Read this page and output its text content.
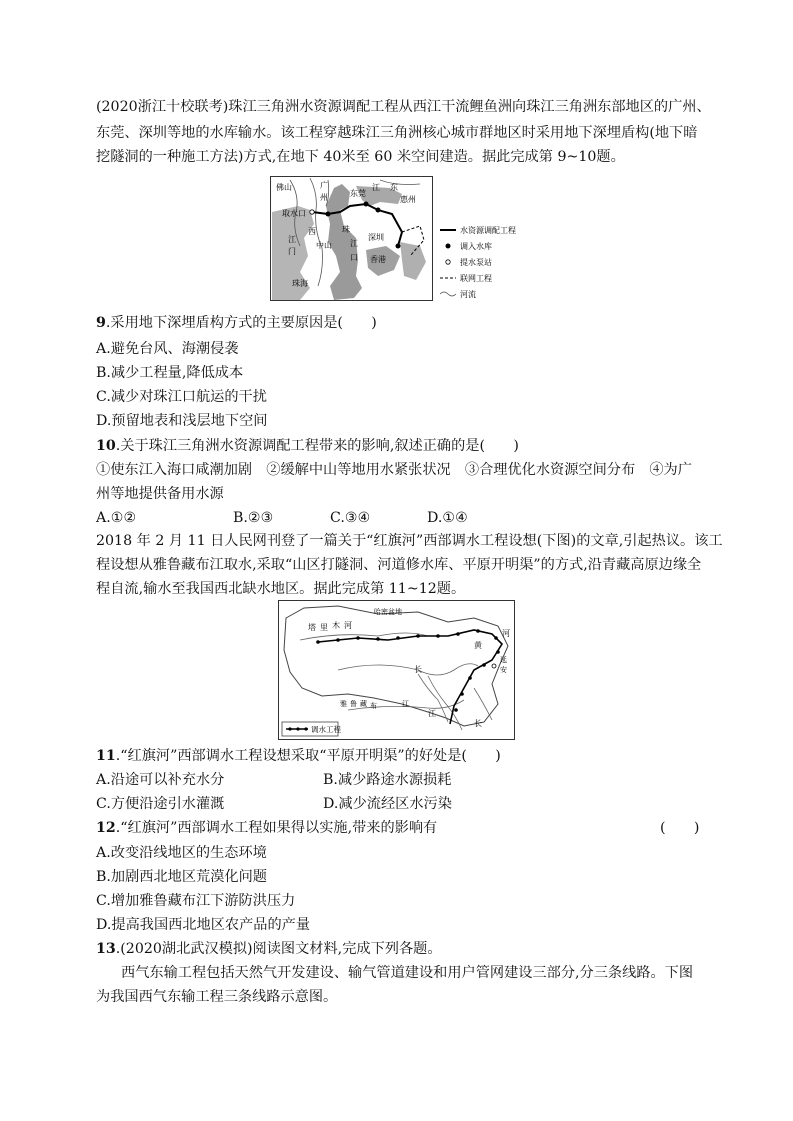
(2020浙江十校联考)珠江三角洲水资源调配工程从西江干流鲤鱼洲向珠江三角洲东部地区的广州、
东莞、深圳等地的水库输水。该工程穿越珠江三角洲核心城市群地区时采用地下深埋盾构(地下暗
挖隧洞的一种施工方法)方式,在地下 40米至 60 米空间建造。据此完成第 9~10题。
佛山	广
州	东莞
江 东
惠州
取水口
西
江
门
中山
珠
江
口
深圳
香港
珠海
水资源调配工程
调入水库
提水泵站
联网工程
河流
9.采用地下深埋盾构方式的主要原因是(　　)
A.避免台风、海潮侵袭
B.减少工程量,降低成本
C.减少对珠江口航运的干扰
D.预留地表和浅层地下空间
10.关于珠江三角洲水资源调配工程带来的影响,叙述正确的是(　　)
①使东江入海口咸潮加剧　②缓解中山等地用水紧张状况　③合理优化水资源空间分布　④为广
州等地提供备用水源
A.①②	B.②③	C.③④	D.①④
2018 年 2 月 11 日人民网刊登了一篇关于“红旗河”西部调水工程设想(下图)的文章,引起热议。该工
程设想从雅鲁藏布江取水,采取“山区打隧洞、河道修水库、平原开明渠”的方式,沿青藏高原边缘全
程自流,输水至我国西北缺水地区。据此完成第 11~12题。
哈密盆地
塔 里 木 河
黄
河
延
安
长
雅 鲁 藏 布	江
江
长
调水工程
11.“红旗河”西部调水工程设想采取“平原开明渠”的好处是(　　)
A.沿途可以补充水分	B.减少路途水源损耗
C.方便沿途引水灌溉	D.减少流经区水污染
12.“红旗河”西部调水工程如果得以实施,带来的影响有	(　　)
A.改变沿线地区的生态环境
B.加剧西北地区荒漠化问题
C.增加雅鲁藏布江下游防洪压力
D.提高我国西北地区农产品的产量
13.(2020湖北武汉模拟)阅读图文材料,完成下列各题。
西气东输工程包括天然气开发建设、输气管道建设和用户管网建设三部分,分三条线路。下图
为我国西气东输工程三条线路示意图。
